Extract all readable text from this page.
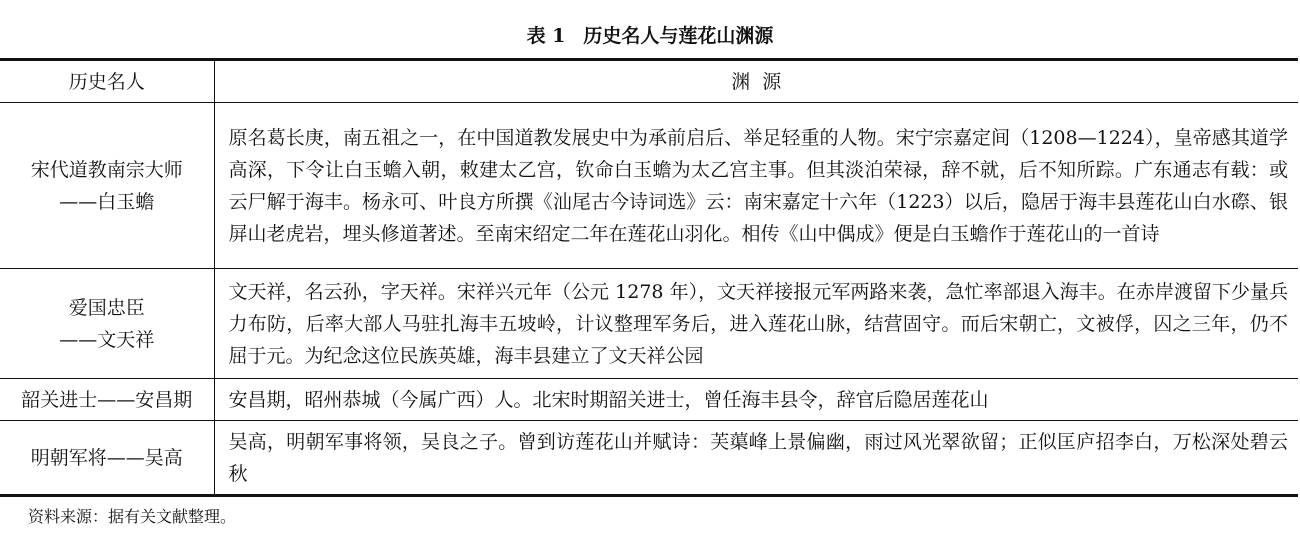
表 1 历史名人与莲花山渊源
历史名人	渊源

宋代道教南宗大师
——白玉蟾	原名葛长庚，南五祖之一，在中国道教发展史中为承前启后、举足轻重的人物。宋宁宗嘉定间（1208—1224），皇帝感其道学高深，下令让白玉蟾入朝，敕建太乙宫，钦命白玉蟾为太乙宫主事。但其淡泊荣禄，辞不就，后不知所踪。广东通志有载：或云尸解于海丰。杨永可、叶良方所撰《汕尾古今诗词选》云：南宋嘉定十六年（1223）以后，隐居于海丰县莲花山白水磜、银屏山老虎岩，埋头修道著述。至南宋绍定二年在莲花山羽化。相传《山中偶成》便是白玉蟾作于莲花山的一首诗

爱国忠臣
——文天祥	文天祥，名云孙，字天祥。宋祥兴元年（公元 1278 年），文天祥接报元军两路来袭，急忙率部退入海丰。在赤岸渡留下少量兵力布防，后率大部人马驻扎海丰五坡岭，计议整理军务后，进入莲花山脉，结营固守。而后宋朝亡，文被俘，囚之三年，仍不屈于元。为纪念这位民族英雄，海丰县建立了文天祥公园

韶关进士——安昌期	安昌期，昭州恭城（今属广西）人。北宋时期韶关进士，曾任海丰县令，辞官后隐居莲花山

明朝军将——吴高	吴高，明朝军事将领，吴良之子。曾到访莲花山并赋诗：芙蕖峰上景偏幽，雨过风光翠欲留；正似匡庐招李白，万松深处碧云秋
资料来源：据有关文献整理。
